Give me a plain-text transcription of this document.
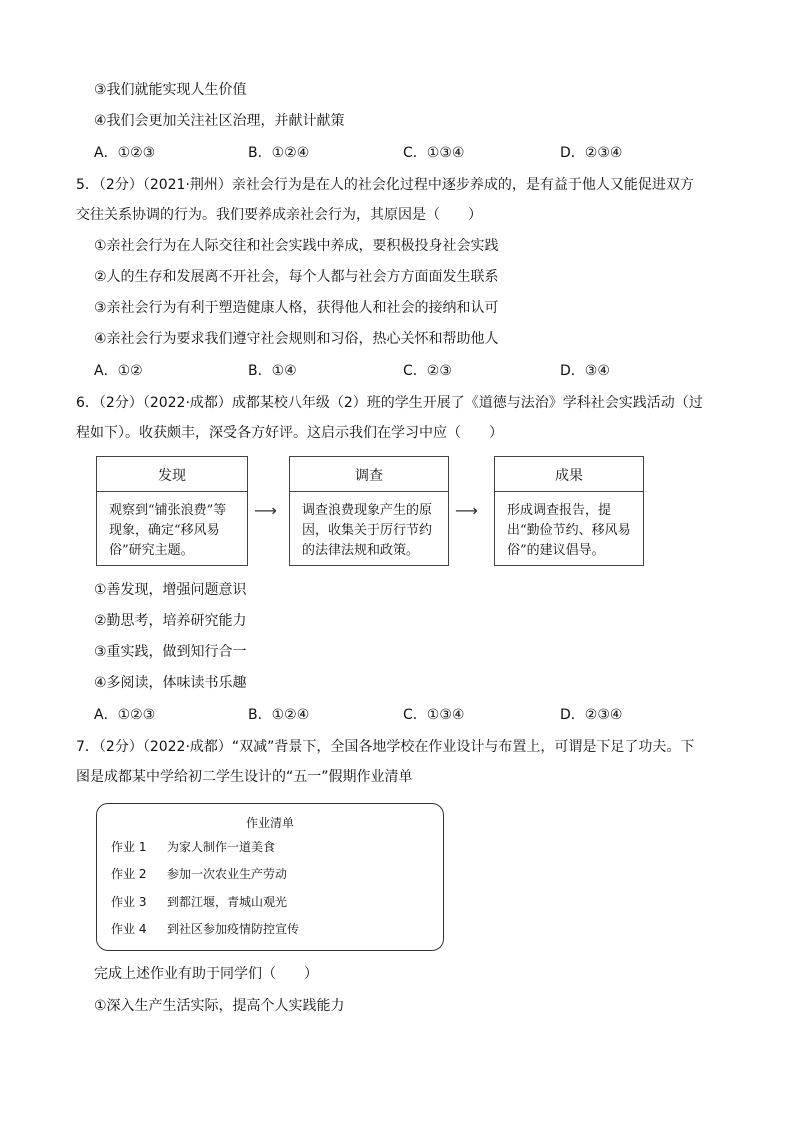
③我们就能实现人生价值
④我们会更加关注社区治理，并献计献策
A．①②③	B．①②④	C．①③④	D．②③④
5．（2分）（2021·荆州）亲社会行为是在人的社会化过程中逐步养成的，是有益于他人又能促进双方
交往关系协调的行为。我们要养成亲社会行为，其原因是（　　）
①亲社会行为在人际交往和社会实践中养成，要积极投身社会实践
②人的生存和发展离不开社会，每个人都与社会方方面面发生联系
③亲社会行为有利于塑造健康人格，获得他人和社会的接纳和认可
④亲社会行为要求我们遵守社会规则和习俗，热心关怀和帮助他人
A．①②	B．①④	C．②③	D．③④
6．（2分）（2022·成都）成都某校八年级（2）班的学生开展了《道德与法治》学科社会实践活动（过
程如下）。收获颇丰，深受各方好评。这启示我们在学习中应（　　）
发现
观察到“铺张浪费”等现象，确定“移风易俗”研究主题。
⟶
调查
调查浪费现象产生的原因，收集关于厉行节约的法律法规和政策。
⟶
成果
形成调查报告，提出“勤俭节约、移风易俗”的建议倡导。
①善发现，增强问题意识
②勤思考，培养研究能力
③重实践，做到知行合一
④多阅读，体味读书乐趣
A．①②③	B．①②④	C．①③④	D．②③④
7．（2分）（2022·成都）“双减”背景下，全国各地学校在作业设计与布置上，可谓是下足了功夫。下
图是成都某中学给初二学生设计的“五一”假期作业清单
作业清单
作业 1 为家人制作一道美食
作业 2 参加一次农业生产劳动
作业 3 到都江堰，青城山观光
作业 4 到社区参加疫情防控宣传
完成上述作业有助于同学们（　　）
①深入生产生活实际，提高个人实践能力
